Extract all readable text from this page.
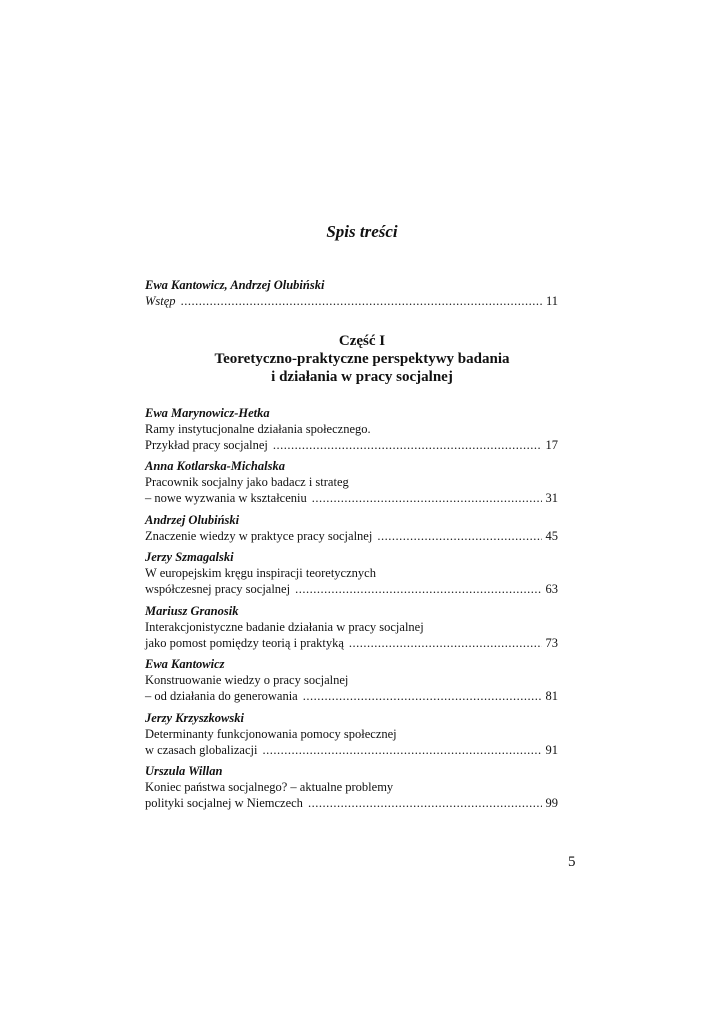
Spis treści
Ewa Kantowicz, Andrzej Olubiński
Wstęp .....	11
Część I
Teoretyczno-praktyczne perspektywy badania
i działania w pracy socjalnej
Ewa Marynowicz-Hetka
Ramy instytucjonalne działania społecznego.
Przykład pracy socjalnej .....	17
Anna Kotlarska-Michalska
Pracownik socjalny jako badacz i strateg
– nowe wyzwania w kształceniu .....	31
Andrzej Olubiński
Znaczenie wiedzy w praktyce pracy socjalnej .....	45
Jerzy Szmagalski
W europejskim kręgu inspiracji teoretycznych
współczesnej pracy socjalnej .....	63
Mariusz Granosik
Interakcjonistyczne badanie działania w pracy socjalnej
jako pomost pomiędzy teorią i praktyką .....	73
Ewa Kantowicz
Konstruowanie wiedzy o pracy socjalnej
– od działania do generowania .....	81
Jerzy Krzyszkowski
Determinanty funkcjonowania pomocy społecznej
w czasach globalizacji .....	91
Urszula Willan
Koniec państwa socjalnego? – aktualne problemy
polityki socjalnej w Niemczech .....	99
5
